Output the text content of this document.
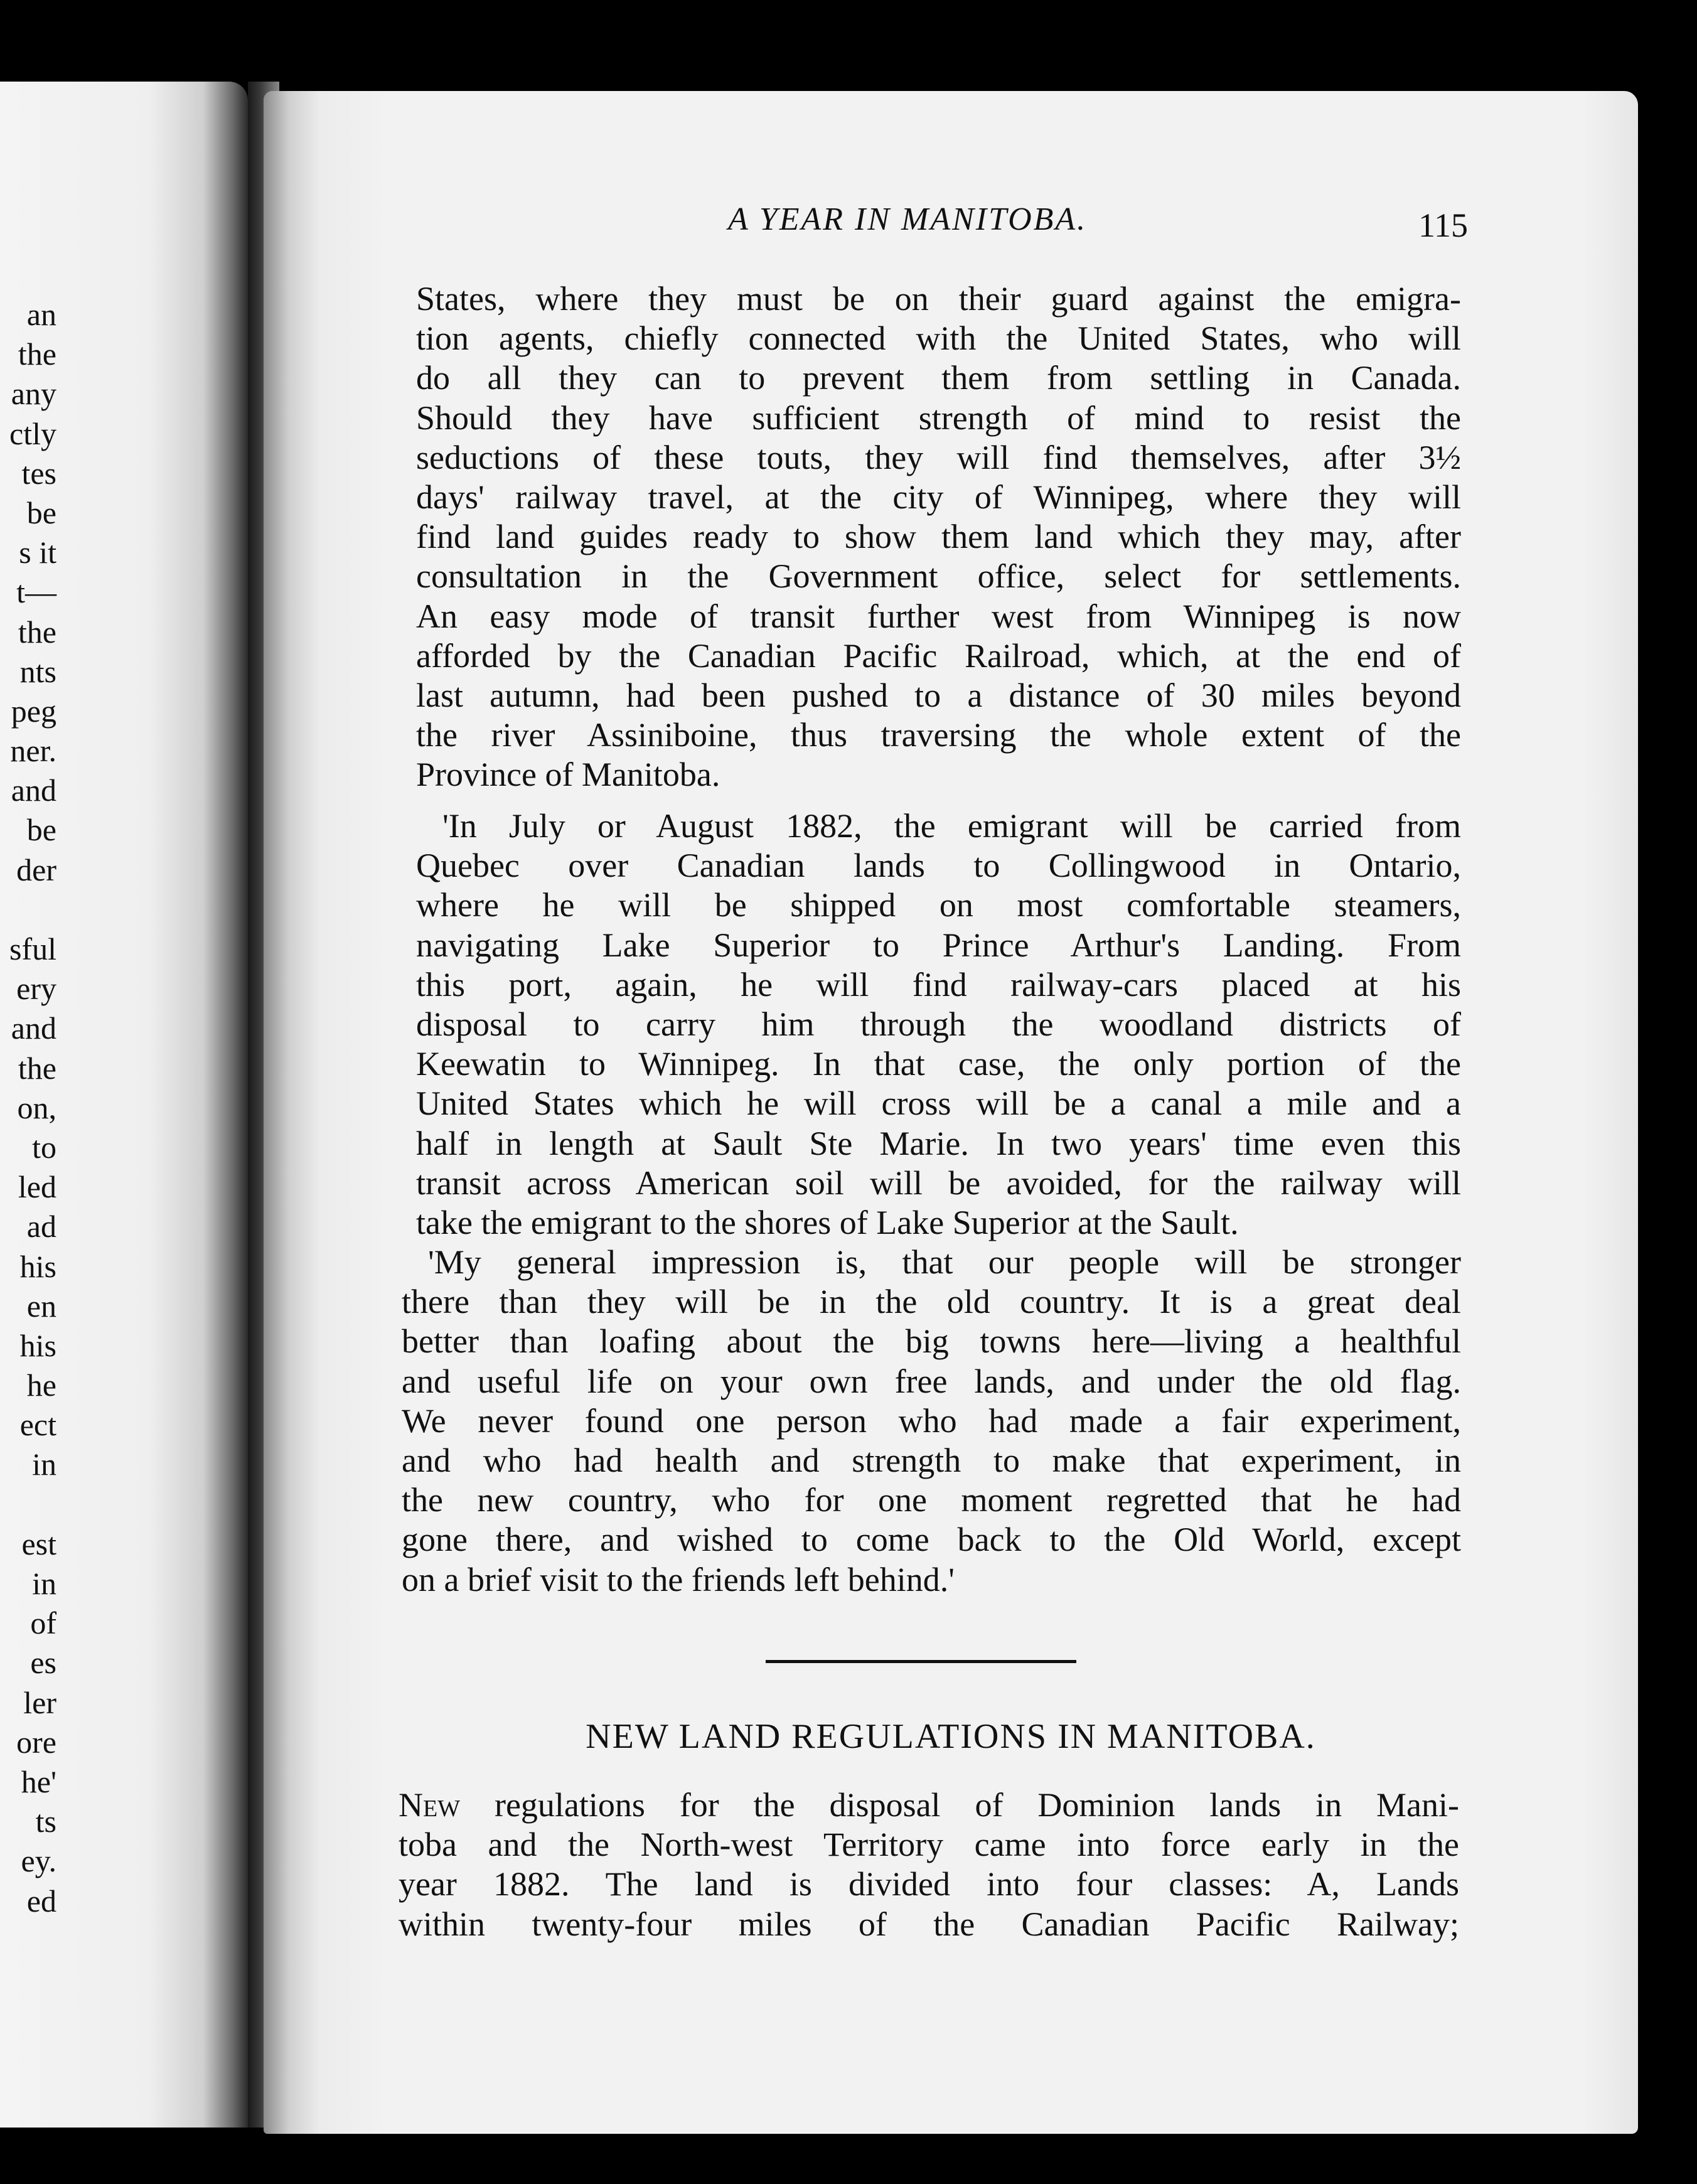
an
the
any
ctly
tes
be
s it
t—
the
nts
peg
ner.
and
be
der
sful
ery
and
the
on,
to
led
ad
his
en
his
he
ect
in
est
in
of
es
ler
ore
he'
ts
ey.
ed
A YEAR IN MANITOBA.	115
States, where they must be on their guard against the emigra-
tion agents, chiefly connected with the United States, who will
do all they can to prevent them from settling in Canada.
Should they have sufficient strength of mind to resist the
seductions of these touts, they will find themselves, after 3½
days' railway travel, at the city of Winnipeg, where they will
find land guides ready to show them land which they may, after
consultation in the Government office, select for settlements.
An easy mode of transit further west from Winnipeg is now
afforded by the Canadian Pacific Railroad, which, at the end of
last autumn, had been pushed to a distance of 30 miles beyond
the river Assiniboine, thus traversing the whole extent of the
Province of Manitoba.
'In July or August 1882, the emigrant will be carried from
Quebec over Canadian lands to Collingwood in Ontario,
where he will be shipped on most comfortable steamers,
navigating Lake Superior to Prince Arthur's Landing. From
this port, again, he will find railway-cars placed at his
disposal to carry him through the woodland districts of
Keewatin to Winnipeg. In that case, the only portion of the
United States which he will cross will be a canal a mile and a
half in length at Sault Ste Marie. In two years' time even this
transit across American soil will be avoided, for the railway will
take the emigrant to the shores of Lake Superior at the Sault.
'My general impression is, that our people will be stronger
there than they will be in the old country. It is a great deal
better than loafing about the big towns here—living a healthful
and useful life on your own free lands, and under the old flag.
We never found one person who had made a fair experiment,
and who had health and strength to make that experiment, in
the new country, who for one moment regretted that he had
gone there, and wished to come back to the Old World, except
on a brief visit to the friends left behind.'
NEW LAND REGULATIONS IN MANITOBA.
New regulations for the disposal of Dominion lands in Mani-
toba and the North-west Territory came into force early in the
year 1882. The land is divided into four classes: A, Lands
within twenty-four miles of the Canadian Pacific Railway;
